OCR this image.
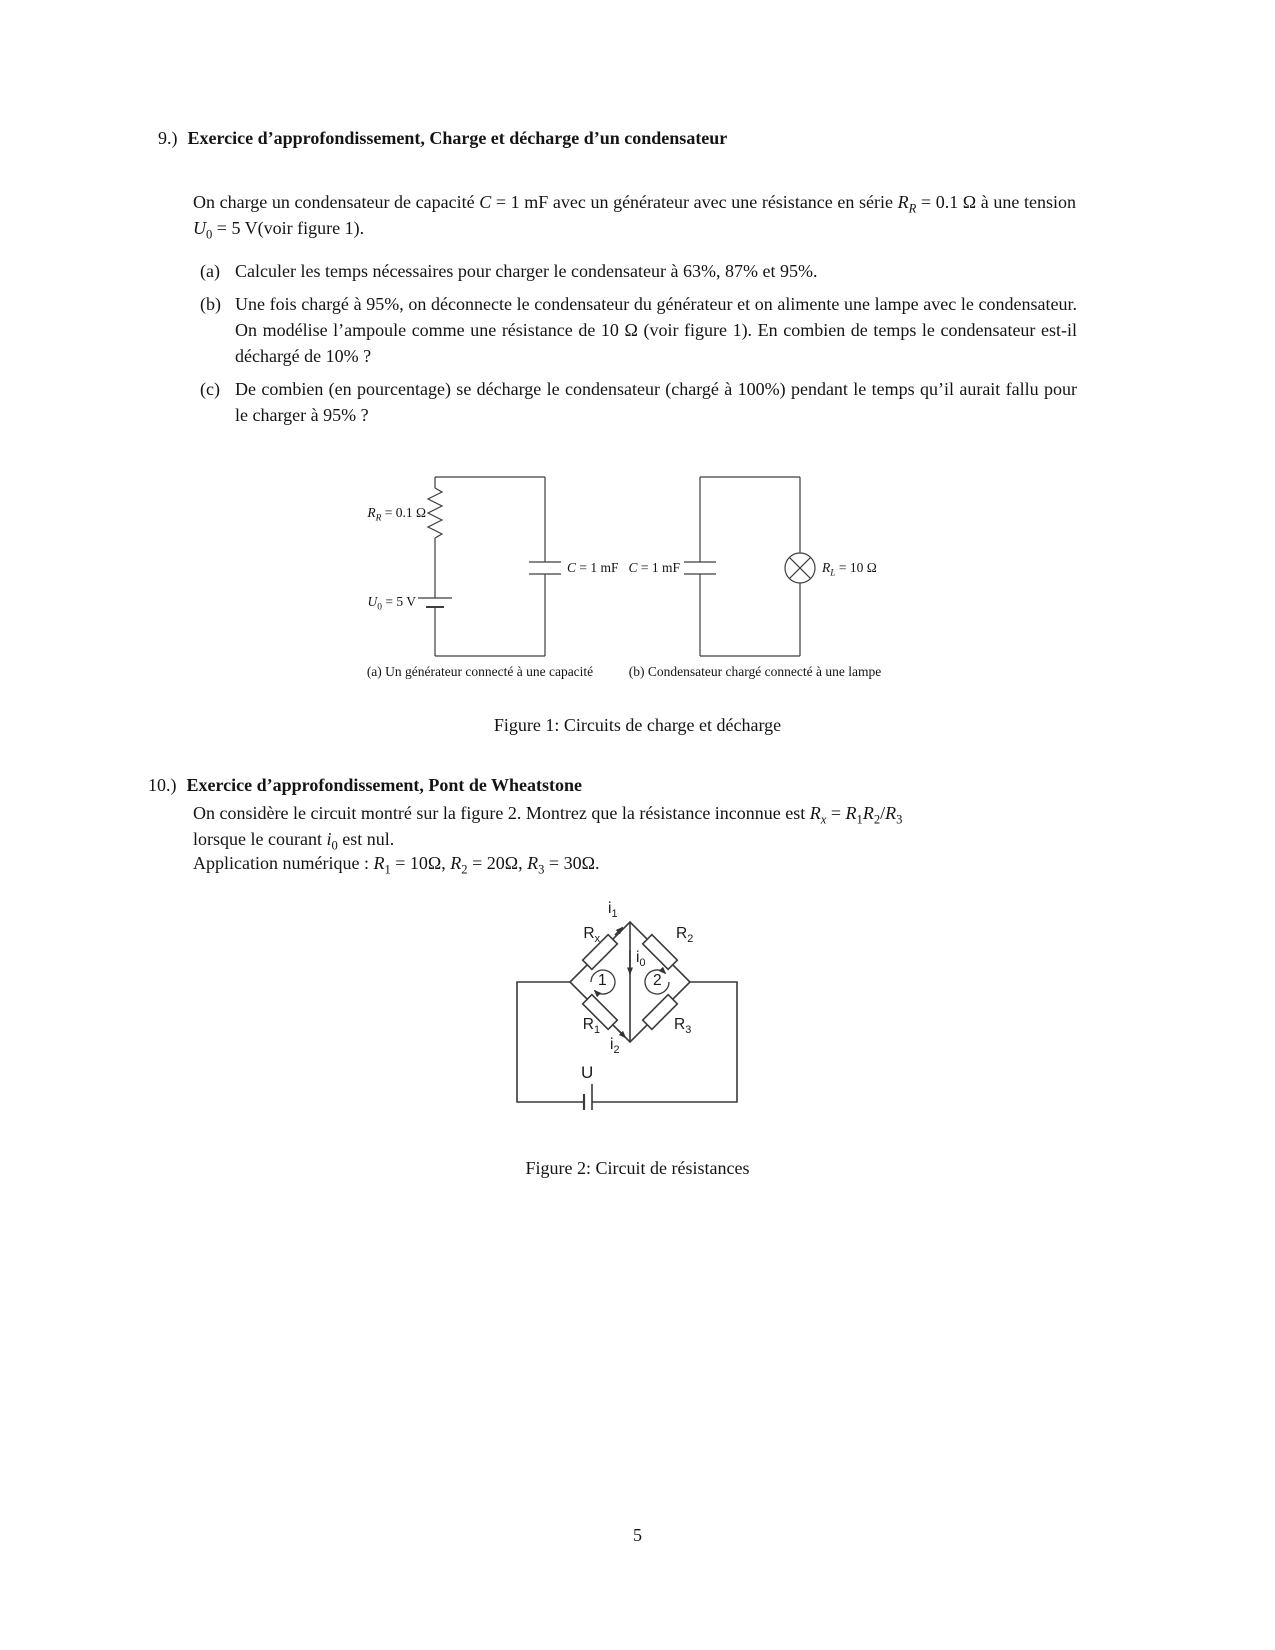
9.) Exercice d’approfondissement, Charge et décharge d’un condensateur
On charge un condensateur de capacité C = 1 mF avec un générateur avec une résistance en série $R_R = 0.1$ Ω à une tension $U_0 = 5$ V(voir figure 1).
(a) Calculer les temps nécessaires pour charger le condensateur à 63%, 87% et 95%.
(b) Une fois chargé à 95%, on déconnecte le condensateur du générateur et on alimente une lampe avec le condensateur. On modélise l’ampoule comme une résistance de 10 Ω (voir figure 1). En combien de temps le condensateur est-il déchargé de 10% ?
(c) De combien (en pourcentage) se décharge le condensateur (chargé à 100%) pendant le temps qu’il aurait fallu pour le charger à 95% ?
$R_R = 0.1$ Ω
$U_0 = 5$ V
C = 1 mF C = 1 mF	$R_L = 10$ Ω
(a) Un générateur connecté à une capacité	(b) Condensateur chargé connecté à une lampe
Figure 1: Circuits de charge et décharge
10.) Exercice d’approfondissement, Pont de Wheatstone
On considère le circuit montré sur la figure 2. Montrez que la résistance inconnue est $R_x = R_1R_2/R_3$
lorsque le courant $i_0$ est nul.
Application numérique : $R_1 = 10\Omega$, $R_2 = 20\Omega$, $R_3 = 30\Omega$.
$i_1$
$R_x$	$R_2$
$i_0$
1	2
$R_1$	$R_3$
$i_2$
U
Figure 2: Circuit de résistances
5
